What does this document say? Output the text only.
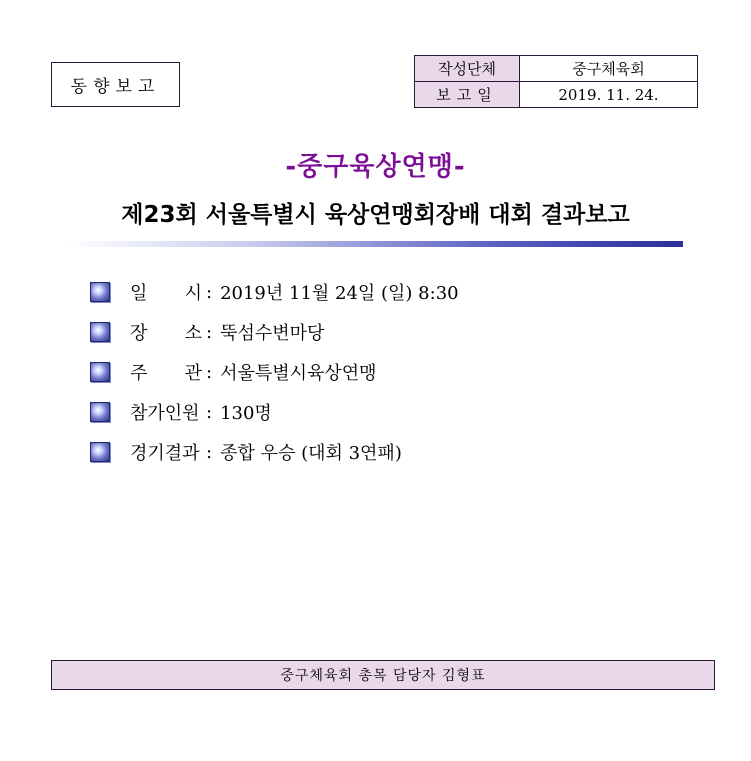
동향보고
작성단체	중구체육회
보고일	2019. 11. 24.
-중구육상연맹-
제23회 서울특별시 육상연맹회장배 대회 결과보고
일 시 : 2019년 11월 24일 (일) 8:30
장 소 : 뚝섬수변마당
주 관 : 서울특별시육상연맹
참가인원 : 130명
경기결과 : 종합 우승 (대회 3연패)
중구체육회 총목 담당자 김형표
